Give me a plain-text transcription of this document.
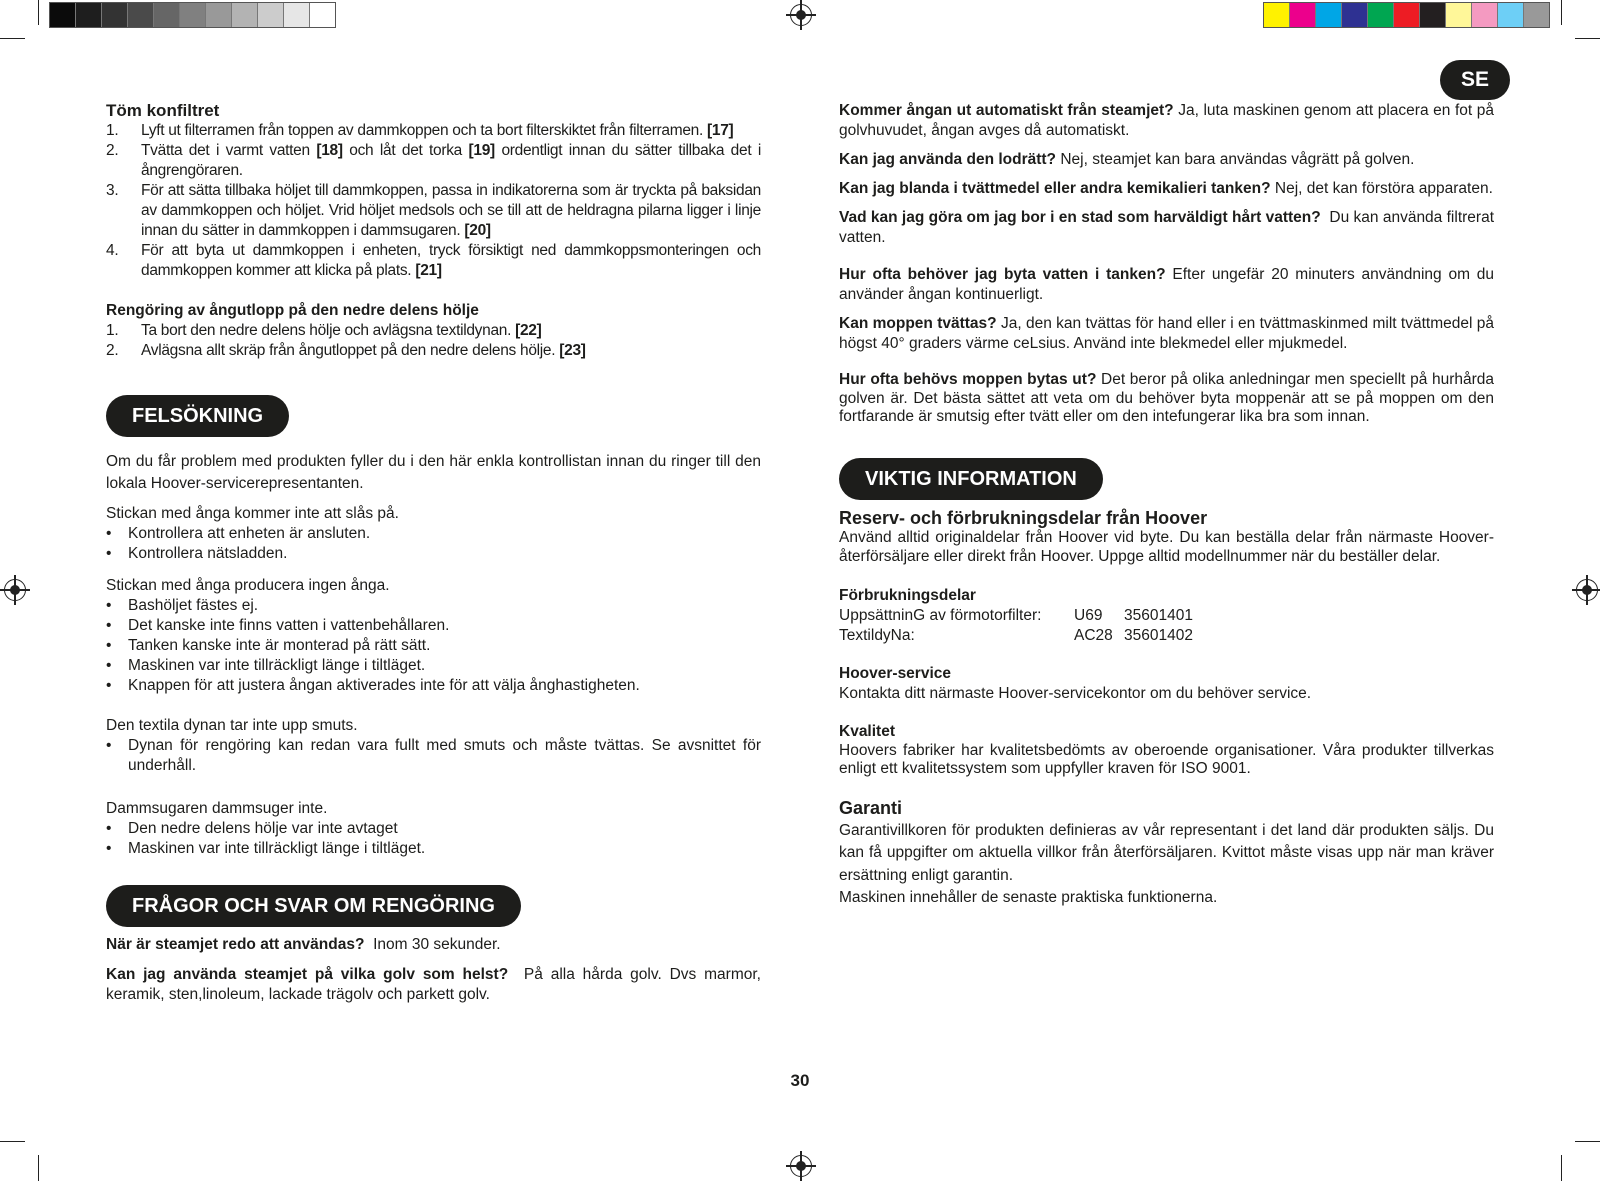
SE

Töm konfiltret

1. Lyft ut filterramen från toppen av dammkoppen och ta bort filterskiktet från filterramen. [17]
2. Tvätta det i varmt vatten [18] och låt det torka [19] ordentligt innan du sätter tillbaka det i ångrengöraren.
3. För att sätta tillbaka höljet till dammkoppen, passa in indikatorerna som är tryckta på baksidan av dammkoppen och höljet. Vrid höljet medsols och se till att de heldragna pilarna ligger i linje innan du sätter in dammkoppen i dammsugaren. [20]
4. För att byta ut dammkoppen i enheten, tryck försiktigt ned dammkoppsmonteringen och dammkoppen kommer att klicka på plats. [21]

Rengöring av ångutlopp på den nedre delens hölje

1. Ta bort den nedre delens hölje och avlägsna textildynan. [22]
2. Avlägsna allt skräp från ångutloppet på den nedre delens hölje. [23]
FELSÖKNING

Om du får problem med produkten fyller du i den här enkla kontrollistan innan du ringer till den lokala Hoover-servicerepresentanten.

Stickan med ånga kommer inte att slås på.

• Kontrollera att enheten är ansluten.
• Kontrollera nätsladden.

Stickan med ånga producera ingen ånga.

• Bashöljet fästes ej.
• Det kanske inte finns vatten i vattenbehållaren.
• Tanken kanske inte är monterad på rätt sätt.
• Maskinen var inte tillräckligt länge i tiltläget.
• Knappen för att justera ångan aktiverades inte för att välja ånghastigheten.

Den textila dynan tar inte upp smuts.

• Dynan för rengöring kan redan vara fullt med smuts och måste tvättas. Se avsnittet för underhåll.

Dammsugaren dammsuger inte.

• Den nedre delens hölje var inte avtaget
• Maskinen var inte tillräckligt länge i tiltläget.
FRÅGOR OCH SVAR OM RENGÖRING

När är steamjet redo att användas? Inom 30 sekunder.

Kan jag använda steamjet på vilka golv som helst? På alla hårda golv. Dvs marmor, keramik, sten,linoleum, lackade trägolv och parkett golv.

Kommer ångan ut automatiskt från steamjet? Ja, luta maskinen genom att placera en fot på golvhuvudet, ångan avges då automatiskt.

Kan jag använda den lodrätt? Nej, steamjet kan bara användas vågrätt på golven.

Kan jag blanda i tvättmedel eller andra kemikalieri tanken? Nej, det kan förstöra apparaten.

Vad kan jag göra om jag bor i en stad som harväldigt hårt vatten? Du kan använda filtrerat vatten.

Hur ofta behöver jag byta vatten i tanken? Efter ungefär 20 minuters användning om du använder ångan kontinuerligt.

Kan moppen tvättas? Ja, den kan tvättas för hand eller i en tvättmaskinmed milt tvättmedel på högst 40° graders värme ceLsius. Använd inte blekmedel eller mjukmedel.

Hur ofta behövs moppen bytas ut? Det beror på olika anledningar men speciellt på hurhårda golven är. Det bästa sättet att veta om du behöver byta moppenär att se på moppen om den fortfarande är smutsig efter tvätt eller om den intefungerar lika bra som innan.

VIKTIG INFORMATION

Reserv- och förbrukningsdelar från Hoover

Använd alltid originaldelar från Hoover vid byte. Du kan beställa delar från närmaste Hoover-återförsäljare eller direkt från Hoover. Uppge alltid modellnummer när du beställer delar.

Förbrukningsdelar

UppsättninG av förmotorfilter:	U69	35601401
TextildyNa:	AC28 35601402

Hoover-service

Kontakta ditt närmaste Hoover-servicekontor om du behöver service.

Kvalitet

Hoovers fabriker har kvalitetsbedömts av oberoende organisationer. Våra produkter tillverkas enligt ett kvalitetssystem som uppfyller kraven för ISO 9001.

Garanti

Garantivillkoren för produkten definieras av vår representant i det land där produkten säljs. Du kan få uppgifter om aktuella villkor från återförsäljaren. Kvittot måste visas upp när man kräver ersättning enligt garantin.

Maskinen innehåller de senaste praktiska funktionerna.

30
